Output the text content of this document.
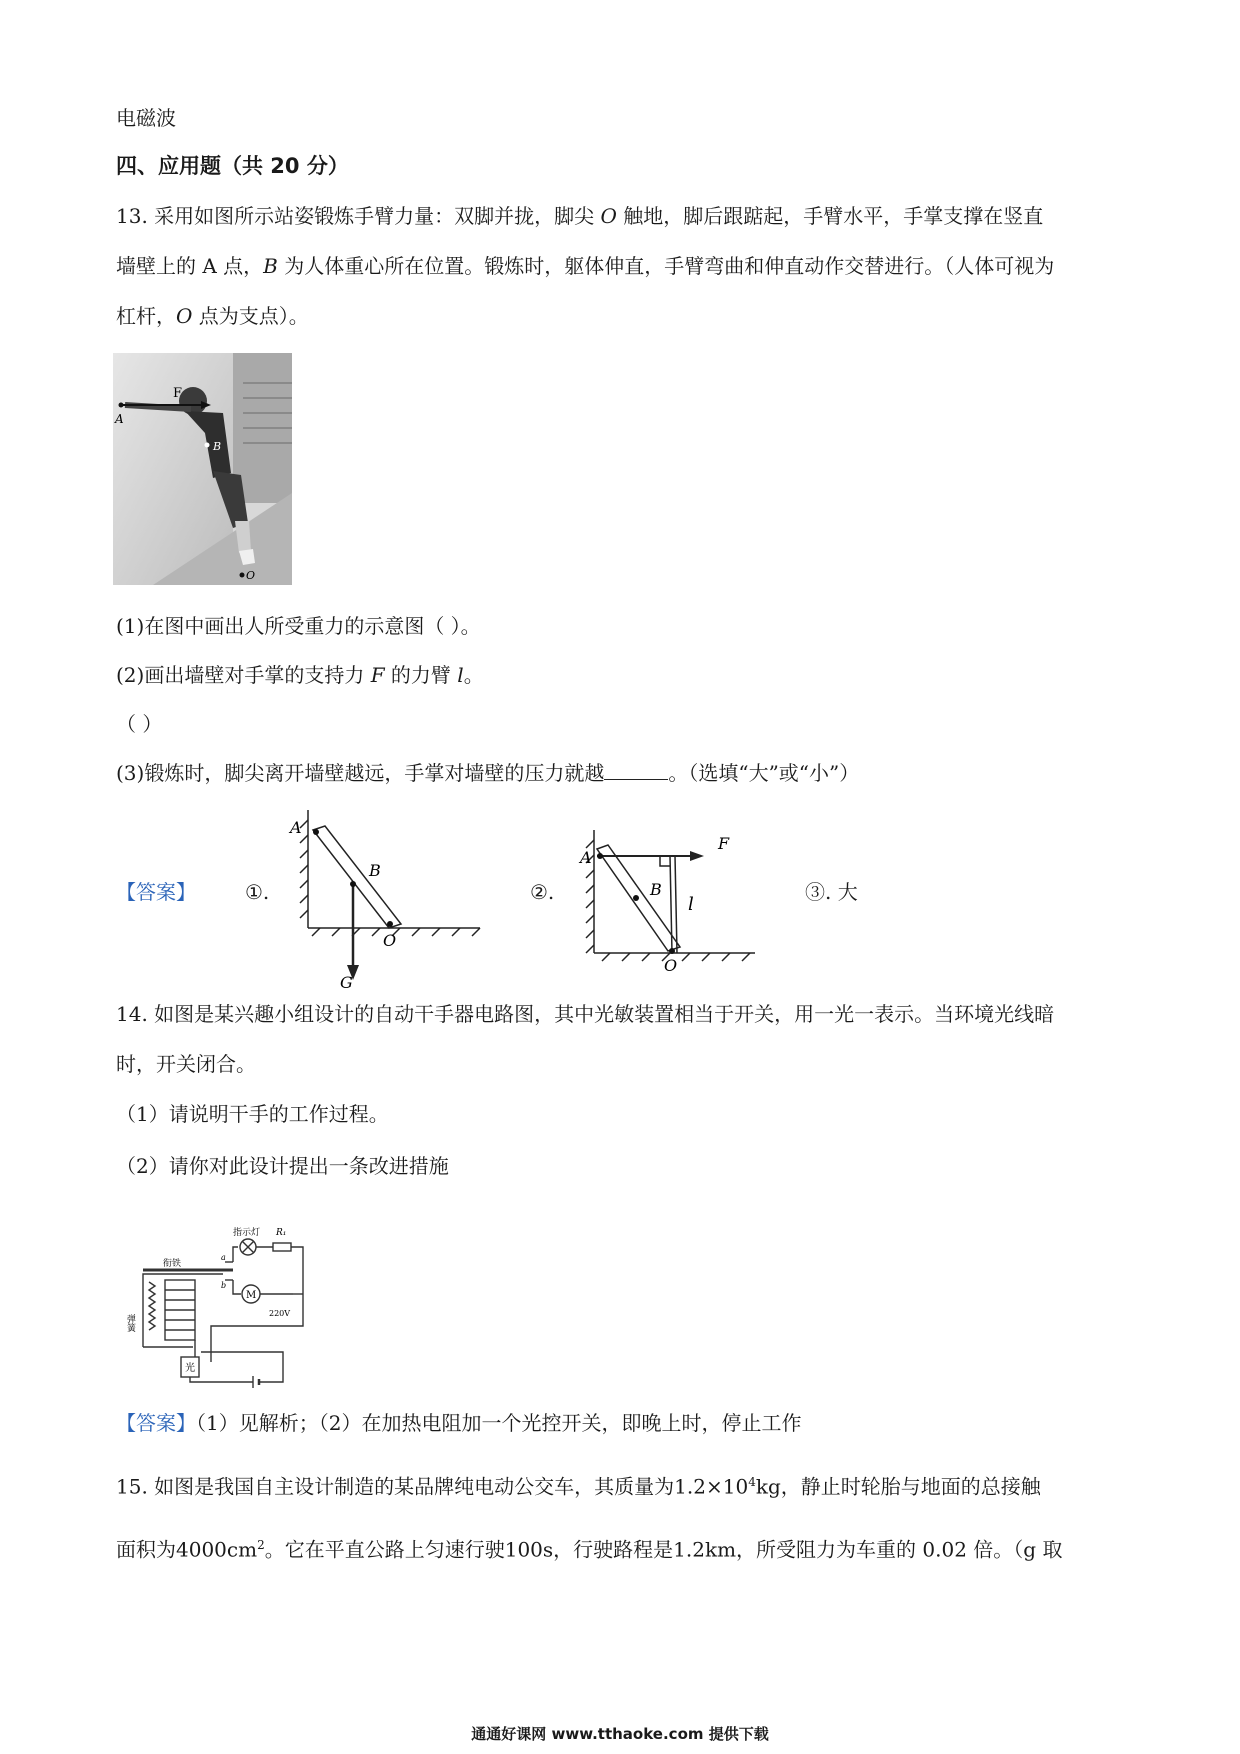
电磁波
四、应用题（共 20 分）
13. 采用如图所示站姿锻炼手臂力量：双脚并拢，脚尖 O 触地，脚后跟踮起，手臂水平，手掌支撑在竖直
墙壁上的 A 点，B 为人体重心所在位置。锻炼时，躯体伸直，手臂弯曲和伸直动作交替进行。（人体可视为
杠杆，O 点为支点）。
A
F
B
O
(1)在图中画出人所受重力的示意图（ ）。
(2)画出墙壁对手掌的支持力 F 的力臂 l。
（ ）
(3)锻炼时，脚尖离开墙壁越远，手掌对墙壁的压力就越	。（选填“大”或“小”）
【答案】 ①.	②.	③. 大
A
B
O
G
A
F
B
l
O
14. 如图是某兴趣小组设计的自动干手器电路图，其中光敏装置相当于开关，用一光一表示。当环境光线暗
时，开关闭合。
（1）请说明干手的工作过程。
（2）请你对此设计提出一条改进措施
衔铁
弹簧
指示灯 R₁
a
b
M
220V
光
【答案】（1）见解析；（2）在加热电阻加一个光控开关，即晚上时，停止工作
15. 如图是我国自主设计制造的某品牌纯电动公交车，其质量为$1.2\times 10^4kg$，静止时轮胎与地面的总接触
面积为$4000cm^2$。它在平直公路上匀速行驶100s，行驶路程是1.2km，所受阻力为车重的 0.02 倍。（g 取
通通好课网 www.tthaoke.com 提供下载
